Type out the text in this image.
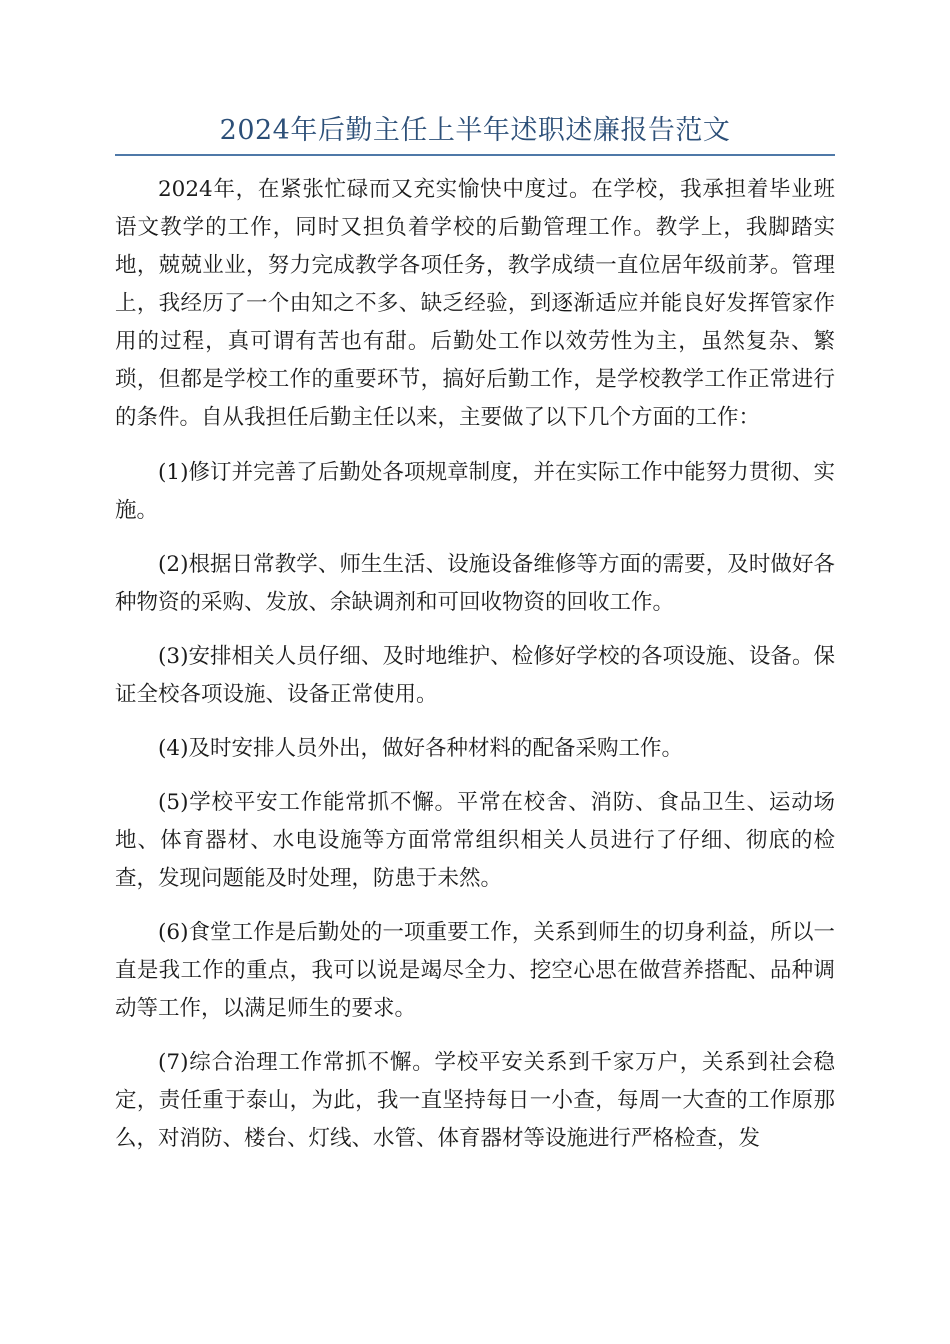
2024年后勤主任上半年述职述廉报告范文

2024年，在紧张忙碌而又充实愉快中度过。在学校，我承担着毕业班语文教学的工作，同时又担负着学校的后勤管理工作。教学上，我脚踏实地，兢兢业业，努力完成教学各项任务，教学成绩一直位居年级前茅。管理上，我经历了一个由知之不多、缺乏经验，到逐渐适应并能良好发挥管家作用的过程，真可谓有苦也有甜。后勤处工作以效劳性为主，虽然复杂、繁琐，但都是学校工作的重要环节，搞好后勤工作，是学校教学工作正常进行的条件。自从我担任后勤主任以来，主要做了以下几个方面的工作：

(1)修订并完善了后勤处各项规章制度，并在实际工作中能努力贯彻、实施。

(2)根据日常教学、师生生活、设施设备维修等方面的需要，及时做好各种物资的采购、发放、余缺调剂和可回收物资的回收工作。

(3)安排相关人员仔细、及时地维护、检修好学校的各项设施、设备。保证全校各项设施、设备正常使用。

(4)及时安排人员外出，做好各种材料的配备采购工作。

(5)学校平安工作能常抓不懈。平常在校舍、消防、食品卫生、运动场地、体育器材、水电设施等方面常常组织相关人员进行了仔细、彻底的检查，发现问题能及时处理，防患于未然。

(6)食堂工作是后勤处的一项重要工作，关系到师生的切身利益，所以一直是我工作的重点，我可以说是竭尽全力、挖空心思在做营养搭配、品种调动等工作，以满足师生的要求。

(7)综合治理工作常抓不懈。学校平安关系到千家万户，关系到社会稳定，责任重于泰山，为此，我一直坚持每日一小查，每周一大查的工作原那么，对消防、楼台、灯线、水管、体育器材等设施进行严格检查，发
